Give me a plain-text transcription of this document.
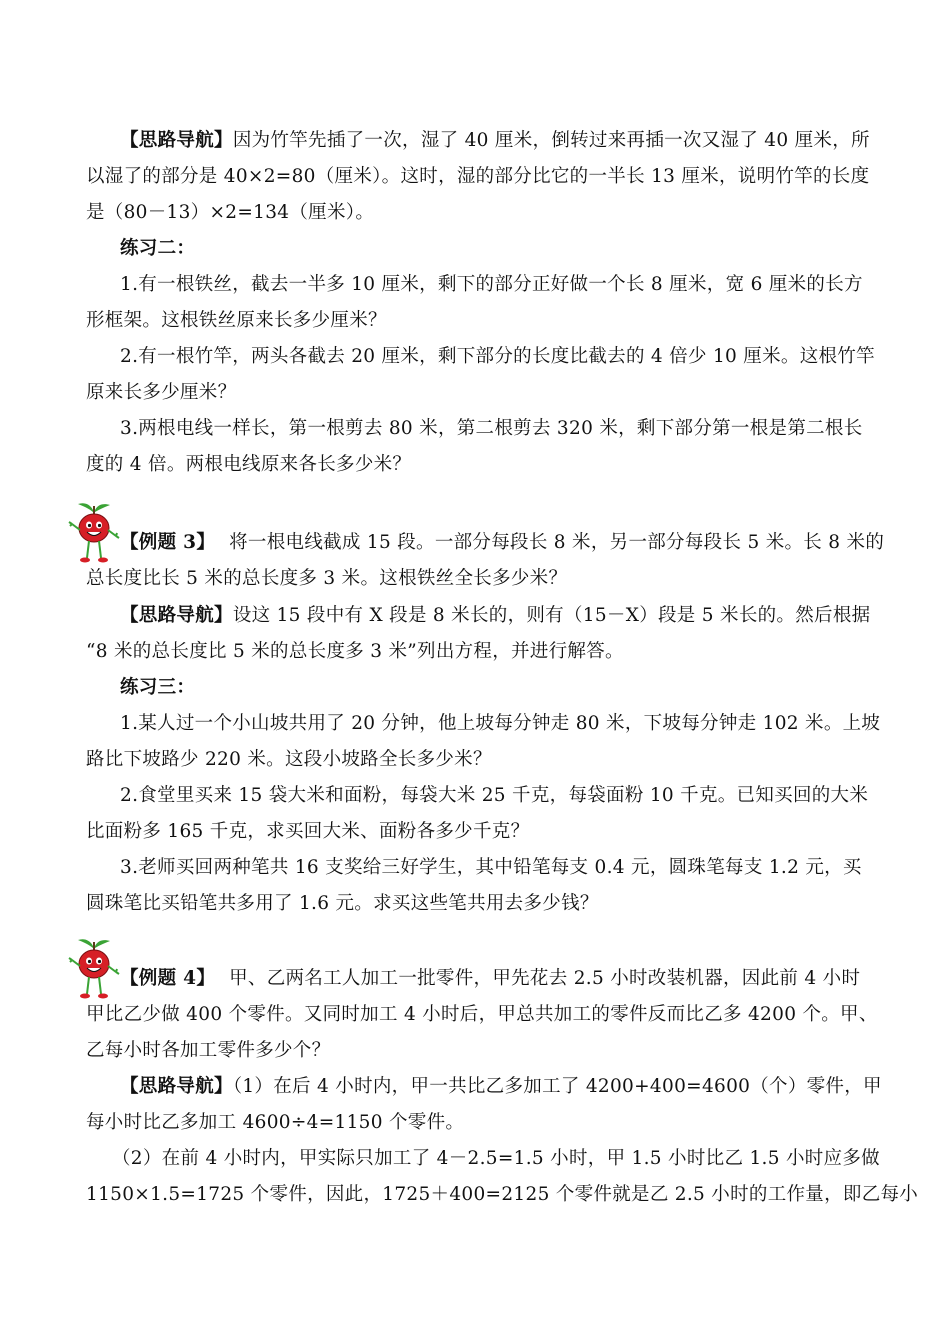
【思路导航】因为竹竿先插了一次，湿了 40 厘米，倒转过来再插一次又湿了 40 厘米，所
以湿了的部分是 40×2=80（厘米）。这时，湿的部分比它的一半长 13 厘米，说明竹竿的长度
是（80－13）×2=134（厘米）。
练习二：
1.有一根铁丝，截去一半多 10 厘米，剩下的部分正好做一个长 8 厘米，宽 6 厘米的长方
形框架。这根铁丝原来长多少厘米？
2.有一根竹竿，两头各截去 20 厘米，剩下部分的长度比截去的 4 倍少 10 厘米。这根竹竿
原来长多少厘米？
3.两根电线一样长，第一根剪去 80 米，第二根剪去 320 米，剩下部分第一根是第二根长
度的 4 倍。两根电线原来各长多少米？
【例题 3】 将一根电线截成 15 段。一部分每段长 8 米，另一部分每段长 5 米。长 8 米的
总长度比长 5 米的总长度多 3 米。这根铁丝全长多少米？
【思路导航】设这 15 段中有 X 段是 8 米长的，则有（15－X）段是 5 米长的。然后根据
“8 米的总长度比 5 米的总长度多 3 米”列出方程，并进行解答。
练习三：
1.某人过一个小山坡共用了 20 分钟，他上坡每分钟走 80 米，下坡每分钟走 102 米。上坡
路比下坡路少 220 米。这段小坡路全长多少米？
2.食堂里买来 15 袋大米和面粉，每袋大米 25 千克，每袋面粉 10 千克。已知买回的大米
比面粉多 165 千克，求买回大米、面粉各多少千克？
3.老师买回两种笔共 16 支奖给三好学生，其中铅笔每支 0.4 元，圆珠笔每支 1.2 元，买
圆珠笔比买铅笔共多用了 1.6 元。求买这些笔共用去多少钱？
【例题 4】 甲、乙两名工人加工一批零件，甲先花去 2.5 小时改装机器，因此前 4 小时
甲比乙少做 400 个零件。又同时加工 4 小时后，甲总共加工的零件反而比乙多 4200 个。甲、
乙每小时各加工零件多少个？
【思路导航】（1）在后 4 小时内，甲一共比乙多加工了 4200+400=4600（个）零件，甲
每小时比乙多加工 4600÷4=1150 个零件。
（2）在前 4 小时内，甲实际只加工了 4－2.5=1.5 小时，甲 1.5 小时比乙 1.5 小时应多做
1150×1.5=1725 个零件，因此，1725＋400=2125 个零件就是乙 2.5 小时的工作量，即乙每小
